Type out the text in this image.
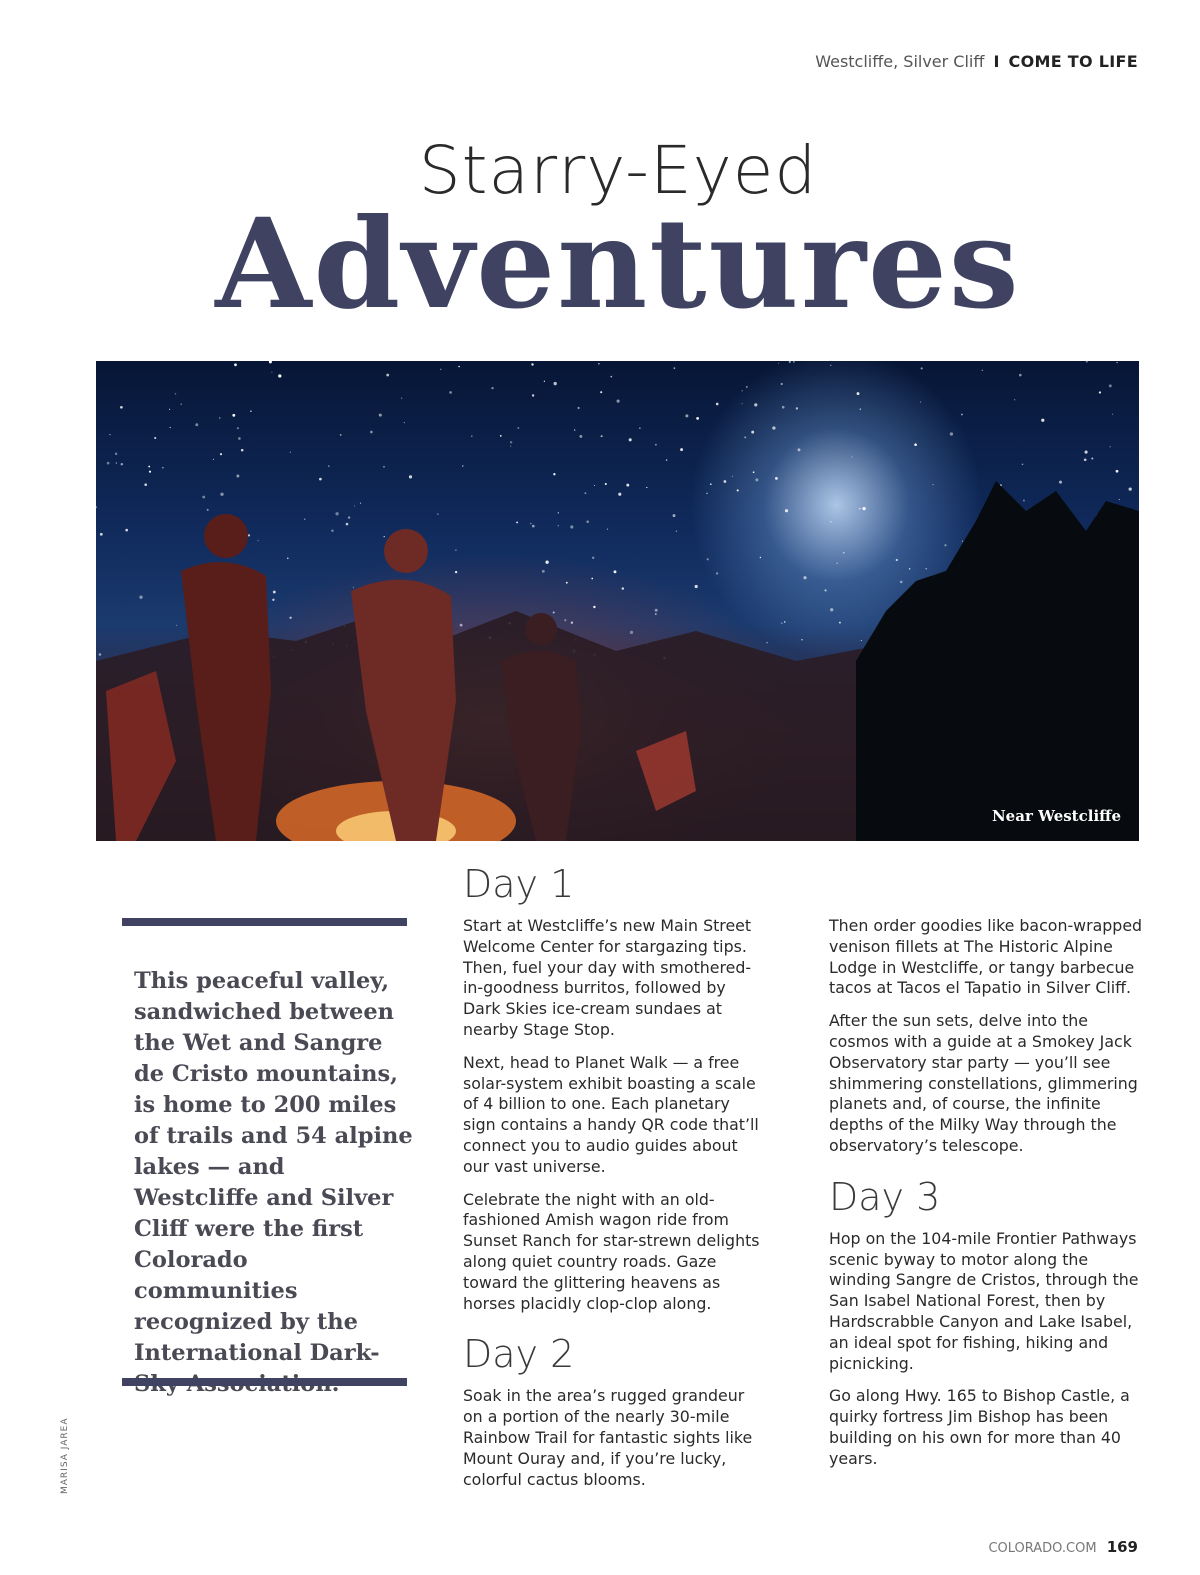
Westcliffe, Silver Cliff I COME TO LIFE
Starry-Eyed
Adventures
Near Westcliffe
This peaceful valley, sandwiched between the Wet and Sangre de Cristo mountains, is home to 200 miles of trails and 54 alpine lakes — and Westcliffe and Silver Cliff were the first Colorado communities recognized by the International Dark-
Day 1

Start at Westcliffe’s new Main Street Welcome Center for stargazing tips. Then, fuel your day with smothered-in-goodness burritos, followed by Dark Skies ice-cream sundaes at nearby Stage Stop.

Next, head to Planet Walk — a free solar-system exhibit boasting a scale of 4 billion to one. Each planetary sign contains a handy QR code that’ll connect you to audio guides about our vast universe.

Celebrate the night with an old-fashioned Amish wagon ride from Sunset Ranch for star-strewn delights along quiet country roads. Gaze toward the glittering heavens as horses placidly clop-clop along.

Day 2

Soak in the area’s rugged grandeur on a portion of the nearly 30-mile Rainbow Trail for fantastic sights like Mount Ouray and, if you’re lucky, colorful cactus blooms.

Then order goodies like bacon-wrapped venison fillets at The Historic Alpine Lodge in Westcliffe, or tangy barbecue tacos at Tacos el Tapatio in Silver Cliff.

After the sun sets, delve into the cosmos with a guide at a Smokey Jack Observatory star party — you’ll see shimmering constellations, glimmering planets and, of course, the infinite depths of the Milky Way through the observatory’s telescope.

Day 3

Hop on the 104-mile Frontier Pathways scenic byway to motor along the winding Sangre de Cristos, through the San Isabel National Forest, then by Hardscrabble Canyon and Lake Isabel, an ideal spot for fishing, hiking and picnicking.

Go along Hwy. 165 to Bishop Castle, a quirky fortress Jim Bishop has been building on his own for more than 40 years.

MARISA JAREA
COLORADO.COM 169
